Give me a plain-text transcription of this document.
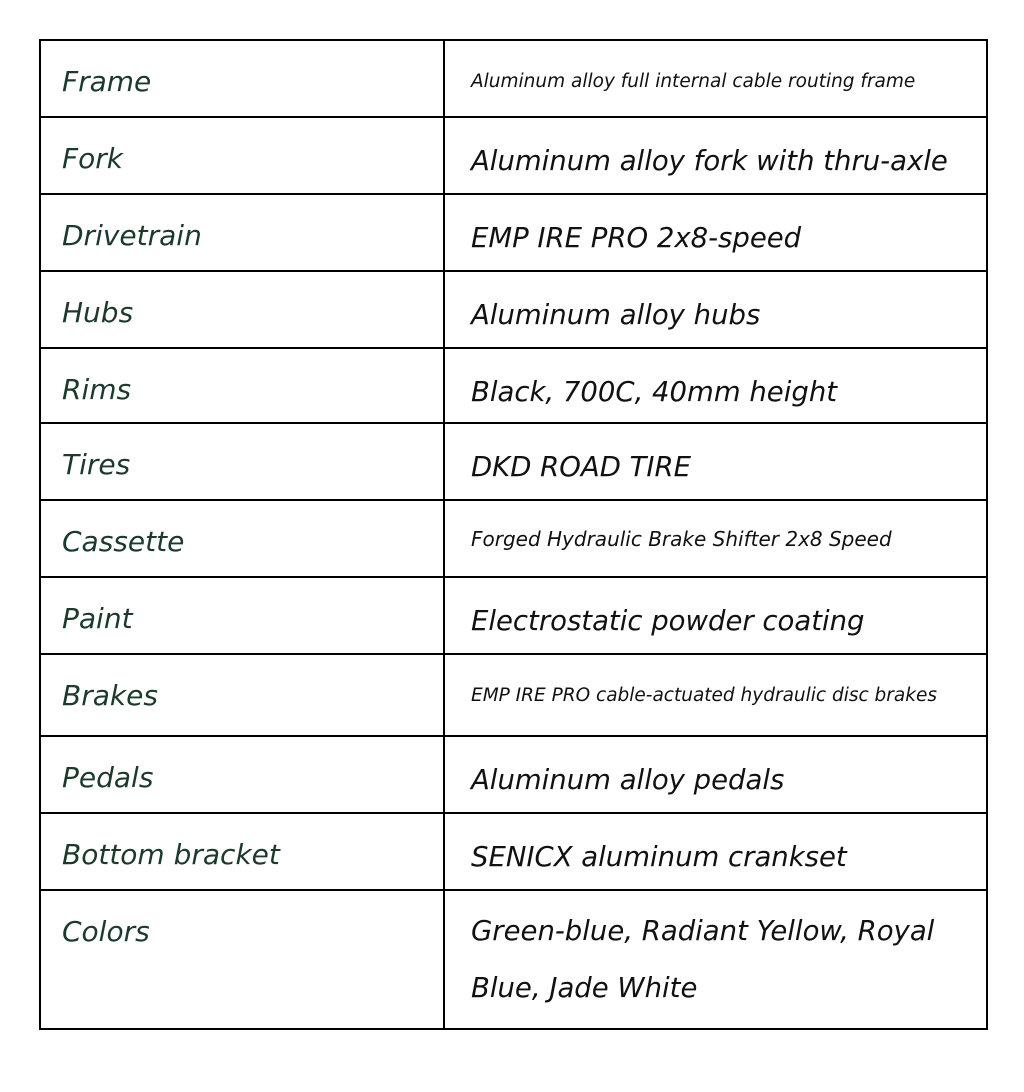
Frame	Aluminum alloy full internal cable routing frame

Fork	Aluminum alloy fork with thru-axle

Drivetrain	EMP IRE PRO 2x8-speed

Hubs	Aluminum alloy hubs

Rims	Black, 700C, 40mm height

Tires	DKD ROAD TIRE

Cassette	Forged Hydraulic Brake Shifter 2x8 Speed

Paint	Electrostatic powder coating

Brakes	EMP IRE PRO cable-actuated hydraulic disc brakes

Pedals	Aluminum alloy pedals

Bottom bracket	SENICX aluminum crankset

Colors	Green-blue, Radiant Yellow, Royal Blue, Jade White
